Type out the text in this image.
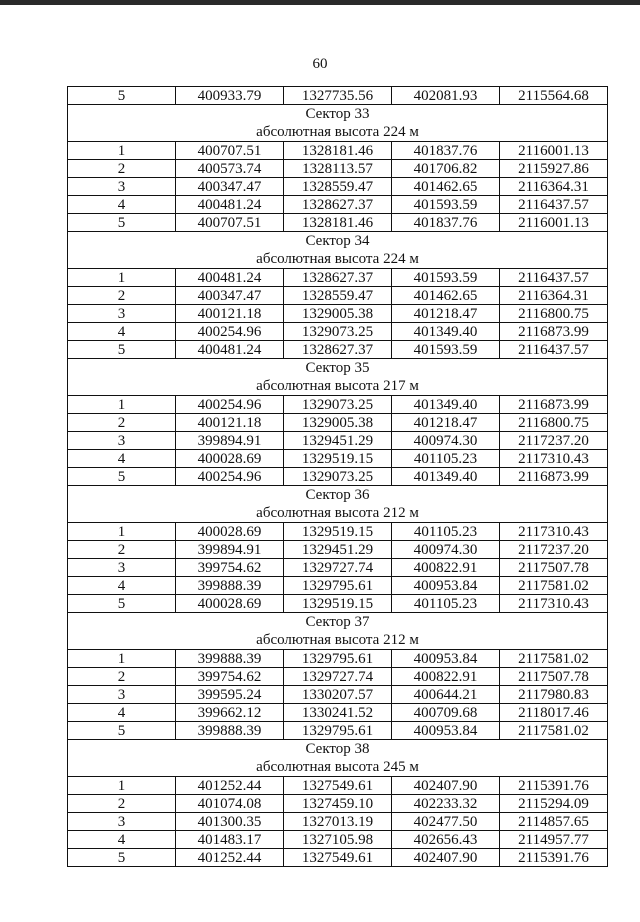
60
5	400933.79	1327735.56	402081.93	2115564.68
Сектор 33				
абсолютная высота 224 м				
1	400707.51	1328181.46	401837.76	2116001.13
2	400573.74	1328113.57	401706.82	2115927.86
3	400347.47	1328559.47	401462.65	2116364.31
4	400481.24	1328627.37	401593.59	2116437.57
5	400707.51	1328181.46	401837.76	2116001.13
Сектор 34				
абсолютная высота 224 м				
1	400481.24	1328627.37	401593.59	2116437.57
2	400347.47	1328559.47	401462.65	2116364.31
3	400121.18	1329005.38	401218.47	2116800.75
4	400254.96	1329073.25	401349.40	2116873.99
5	400481.24	1328627.37	401593.59	2116437.57
Сектор 35				
абсолютная высота 217 м				
1	400254.96	1329073.25	401349.40	2116873.99
2	400121.18	1329005.38	401218.47	2116800.75
3	399894.91	1329451.29	400974.30	2117237.20
4	400028.69	1329519.15	401105.23	2117310.43
5	400254.96	1329073.25	401349.40	2116873.99
Сектор 36				
абсолютная высота 212 м				
1	400028.69	1329519.15	401105.23	2117310.43
2	399894.91	1329451.29	400974.30	2117237.20
3	399754.62	1329727.74	400822.91	2117507.78
4	399888.39	1329795.61	400953.84	2117581.02
5	400028.69	1329519.15	401105.23	2117310.43
Сектор 37				
абсолютная высота 212 м				
1	399888.39	1329795.61	400953.84	2117581.02
2	399754.62	1329727.74	400822.91	2117507.78
3	399595.24	1330207.57	400644.21	2117980.83
4	399662.12	1330241.52	400709.68	2118017.46
5	399888.39	1329795.61	400953.84	2117581.02
Сектор 38				
абсолютная высота 245 м				
1	401252.44	1327549.61	402407.90	2115391.76
2	401074.08	1327459.10	402233.32	2115294.09
3	401300.35	1327013.19	402477.50	2114857.65
4	401483.17	1327105.98	402656.43	2114957.77
5	401252.44	1327549.61	402407.90	2115391.76
